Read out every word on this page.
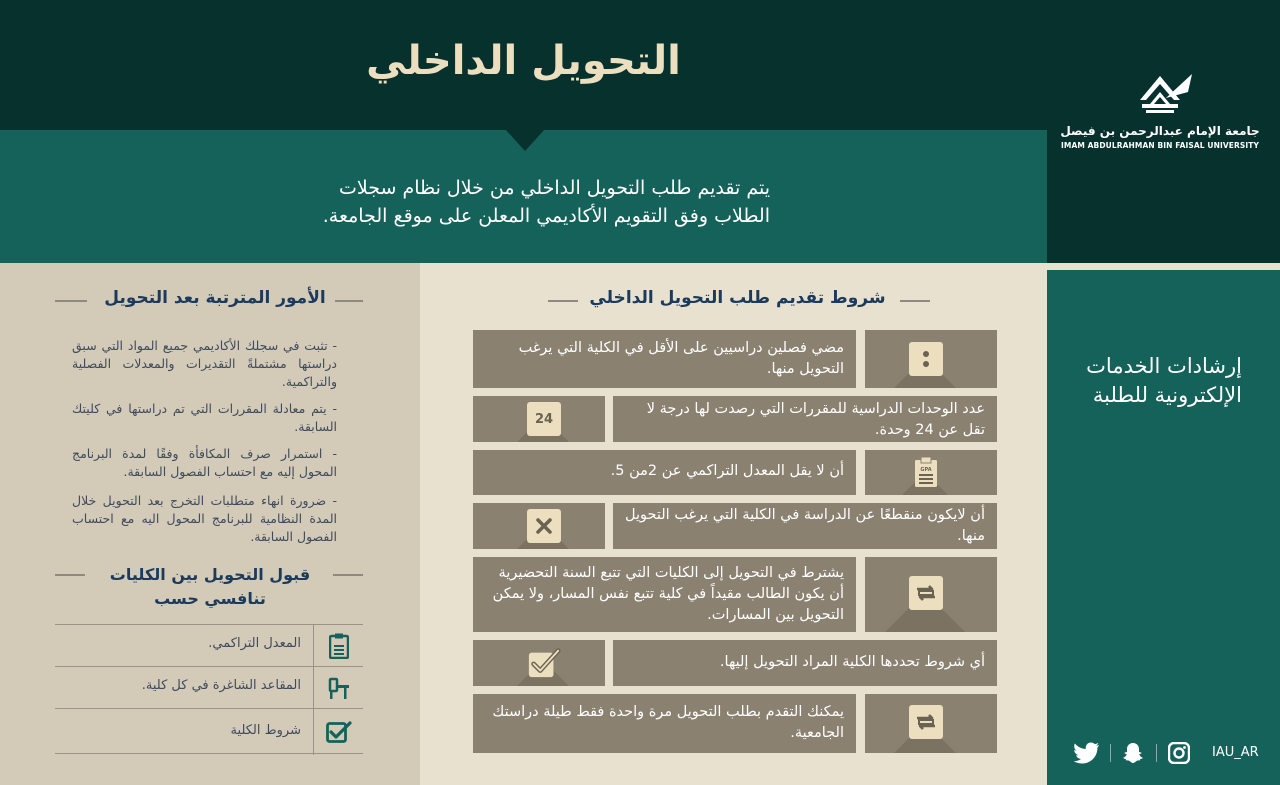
التحويل الداخلي
يتم تقديم طلب التحويل الداخلي من خلال نظام سجلات
الطلاب وفق التقويم الأكاديمي المعلن على موقع الجامعة.
جامعة الإمام عبدالرحمن بن فيصل
IMAM ABDULRAHMAN BIN FAISAL UNIVERSITY
إرشادات الخدمات
الإلكترونية للطلبة
IAU_AR
الأمور المترتبة بعد التحويل
- تثبت في سجلك الأكاديمي جميع المواد التي سبق دراستها مشتملةً التقديرات والمعدلات الفصلية والتراكمية.
- يتم معادلة المقررات التي تم دراستها في كليتك السابقة.
- استمرار صرف المكافأة وفقًا لمدة البرنامج المحول إليه مع احتساب الفصول السابقة.
- ضرورة انهاء متطلبات التخرج بعد التحويل خلال المدة النظامية للبرنامج المحول اليه مع احتساب الفصول السابقة.
قبول التحويل بين الكليات
تنافسي حسب
المعدل التراكمي.
المقاعد الشاغرة في كل كلية.
شروط الكلية
شروط تقديم طلب التحويل الداخلي
مضي فصلين دراسيين على الأقل في الكلية التي يرغب التحويل منها.
24
عدد الوحدات الدراسية للمقررات التي رصدت لها درجة لا تقل عن 24 وحدة.
أن لا يقل المعدل التراكمي عن 2من 5.	GPA
أن لايكون منقطعًا عن الدراسة في الكلية التي يرغب التحويل منها.
يشترط في التحويل إلى الكليات التي تتبع السنة التحضيرية أن يكون الطالب مقيداً في كلية تتبع نفس المسار، ولا يمكن التحويل بين المسارات.
أي شروط تحددها الكلية المراد التحويل إليها.
يمكنك التقدم بطلب التحويل مرة واحدة فقط طيلة دراستك الجامعية.
